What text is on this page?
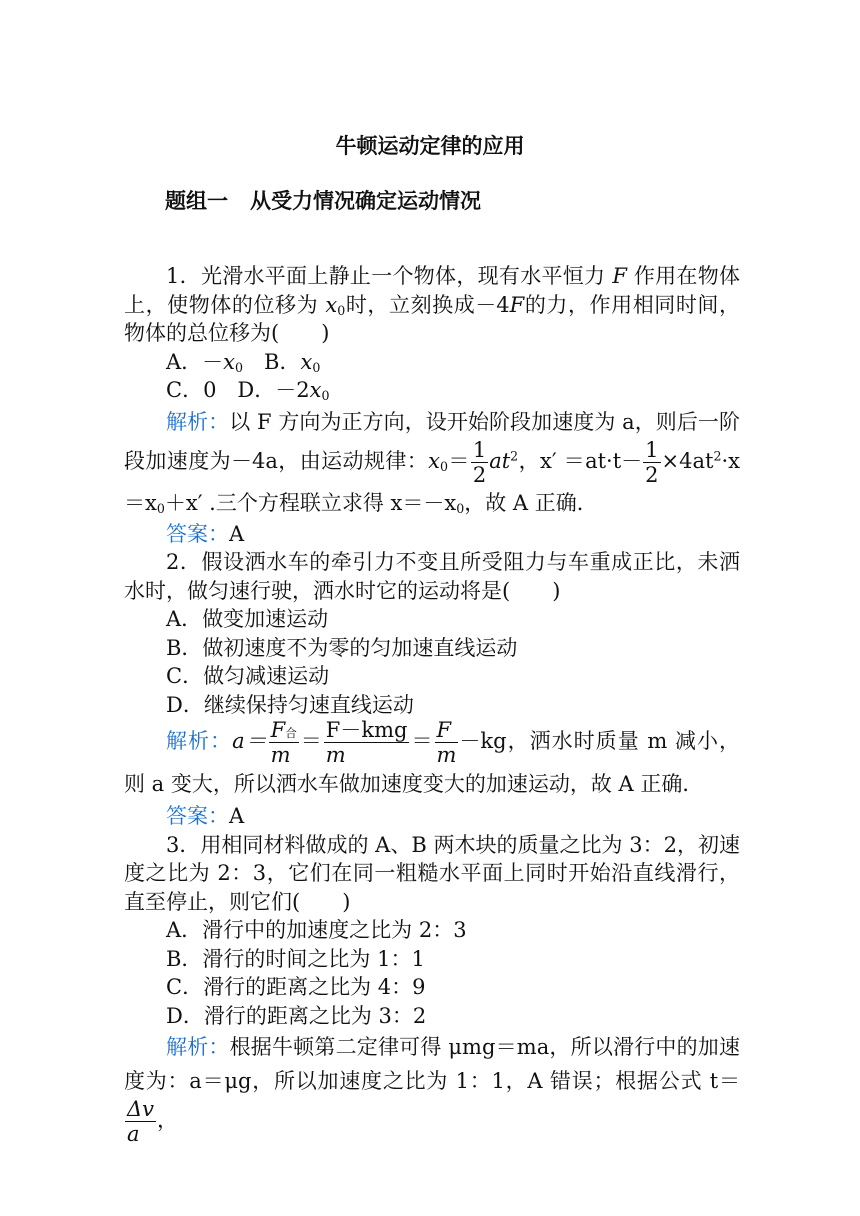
牛顿运动定律的应用
题组一 从受力情况确定运动情况

1．光滑水平面上静止一个物体，现有水平恒力 F 作用在物体上，使物体的位移为 $x_0$时，立刻换成－4F的力，作用相同时间，物体的总位移为(　　)

A．$-x_0$　 B．$x_0$

C．0　D．$-2x_0$

解析：以 F 方向为正方向，设开始阶段加速度为 a，则后一阶段加速度为－4a，由运动规律：$x_0= \frac{1}{2} at^2$，$x' =at\cdot t- \frac{1}{2} \times 4at^2\cdot x=x_0+x'$ .三个方程联立求得 $x=-x_0$，故 A 正确．

答案：A

2．假设洒水车的牵引力不变且所受阻力与车重成正比，未洒水时，做匀速行驶，洒水时它的运动将是(　　)

A．做变加速运动

B．做初速度不为零的匀加速直线运动

C．做匀减速运动

D．继续保持匀速直线运动

解析：$a= \frac{\text{F合}}{m} = \frac{\text{F－kmg}}{m} = \frac{F}{m} -kg$，洒水时质量 m 减小，则 a 变大，所以洒水车做加速度变大的加速运动，故 A 正确．

答案：A

3．用相同材料做成的 A、B 两木块的质量之比为 3：2，初速度之比为 2：3，它们在同一粗糙水平面上同时开始沿直线滑行，直至停止，则它们(　　)

A．滑行中的加速度之比为 2：3

B．滑行的时间之比为 1：1

C．滑行的距离之比为 4：9

D．滑行的距离之比为 3：2

解析：根据牛顿第二定律可得 μmg＝ma，所以滑行中的加速度为：a＝μg，所以加速度之比为 1：1，A 错误；根据公式 t＝
$\frac{\Delta v}{a}$ ，
